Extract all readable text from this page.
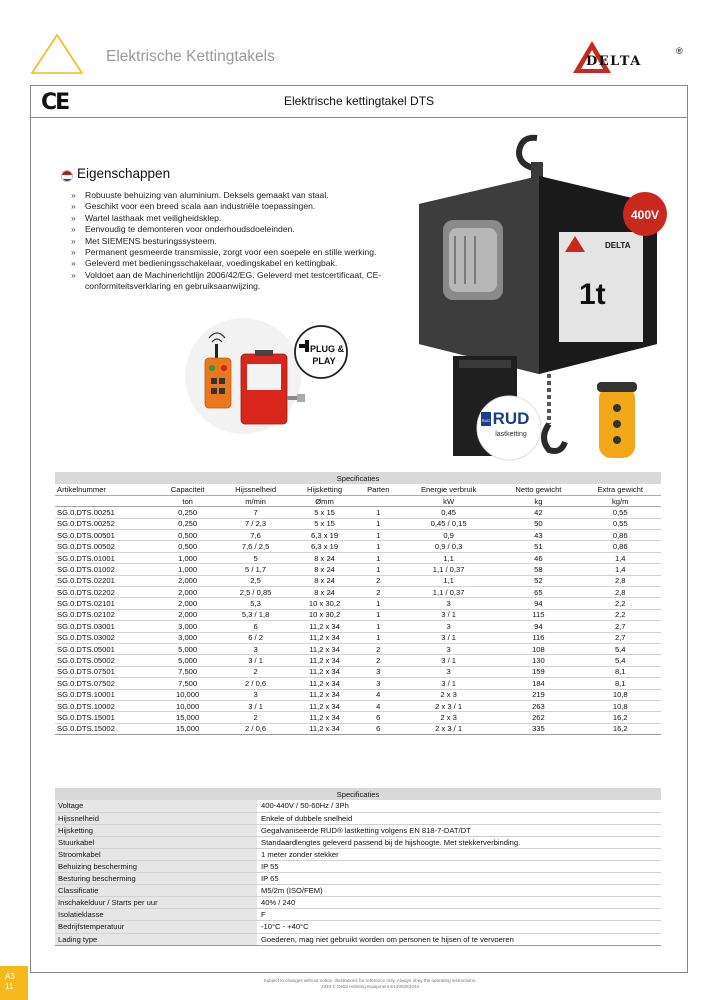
Elektrische Kettingtakels	DELTA
®
CE	Elektrische kettingtakel DTS
Eigenschappen
» Robuuste behuizing van aluminium. Deksels gemaakt van staal.
» Geschikt voor een breed scala aan industriële toepassingen.
» Wartel lasthaak met veiligheidsklep.
» Eenvoudig te demonteren voor onderhoudsdoeleinden.
» Met SIEMENS besturingssysteem.
» Permanent gesmeerde transmissie, zorgt voor een soepele en stille werking.
» Geleverd met bedieningsschakelaar, voedingskabel en kettingbak.
» Voldoet aan de Machinerichtlijn 2006/42/EG. Geleverd met testcertificaat, CE-conformiteitsverklaring en gebruiksaanwijzing.
PLUG &
PLAY
DELTA
1t
400V
RUD RUD
lastketting
Specificaties							
Artikelnummer	Capaciteit	Hijssnelheid	Hijsketting	Parten	Energie verbruik	Netto gewicht	Extra gewicht
	ton	m/min	Ømm		kW	kg	kg/m
SG.0.DTS.00251	0,250	7	5 x 15	1	0,45	42	0,55
SG.0.DTS.00252	0,250	7 / 2,3	5 x 15	1	0,45 / 0,15	50	0,55
SG.0.DTS.00501	0,500	7,6	6,3 x 19	1	0,9	43	0,86
SG.0.DTS.00502	0,500	7,6 / 2,5	6,3 x 19	1	0,9 / 0,3	51	0,86
SG.0.DTS.01001	1,000	5	8 x 24	1	1,1	46	1,4
SG.0.DTS.01002	1,000	5 / 1,7	8 x 24	1	1,1 / 0,37	58	1,4
SG.0.DTS.02201	2,000	2,5	8 x 24	2	1,1	52	2,8
SG.0.DTS.02202	2,000	2,5 / 0,85	8 x 24	2	1,1 / 0,37	65	2,8
SG.0.DTS.02101	2,000	5,3	10 x 30,2	1	3	94	2,2
SG.0.DTS.02102	2,000	5,3 / 1,8	10 x 30,2	1	3 / 1	115	2,2
SG.0.DTS.03001	3,000	6	11,2 x 34	1	3	94	2,7
SG.0.DTS.03002	3,000	6 / 2	11,2 x 34	1	3 / 1	116	2,7
SG.0.DTS.05001	5,000	3	11,2 x 34	2	3	108	5,4
SG.0.DTS.05002	5,000	3 / 1	11,2 x 34	2	3 / 1	130	5,4
SG.0.DTS.07501	7,500	2	11,2 x 34	3	3	159	8,1
SG.0.DTS.07502	7,500	2 / 0,6	11,2 x 34	3	3 / 1	184	8,1
SG.0.DTS.10001	10,000	3	11,2 x 34	4	2 x 3	219	10,8
SG.0.DTS.10002	10,000	3 / 1	11,2 x 34	4	2 x 3 / 1	263	10,8
SG.0.DTS.15001	15,000	2	11,2 x 34	6	2 x 3	262	16,2
SG.0.DTS.15002	15,000	2 / 0,6	11,2 x 34	6	2 x 3 / 1	335	16,2
Specificaties	
Voltage	400-440V / 50-60Hz / 3Ph
Hijssnelheid	Enkele of dubbele snelheid
Hijsketting	Gegalvaniseerde RUD® lastketting volgens EN 818-7-DAT/DT
Stuurkabel	Standaardlengtes geleverd passend bij de hijshoogte. Met stekkerverbinding.
Stroomkabel	1 meter zonder stekker
Behuizing bescherming	IP 55
Besturing bescherming	IP 65
Classificatie	M5/2m (ISO/FEM)
Inschakelduur / Starts per uur	40% / 240
Isolatieklasse	F
Bedrijfstemperatuur	-10°C - +40°C
Lading type	Goederen, mag niet gebruikt worden om personen te hijsen of te vervoeren
Subject to changes without notice. Illustrations for reference only. Always obey the operating instructions.
2023 © Delta Hoisting Equipment E1305253344
A3
11
